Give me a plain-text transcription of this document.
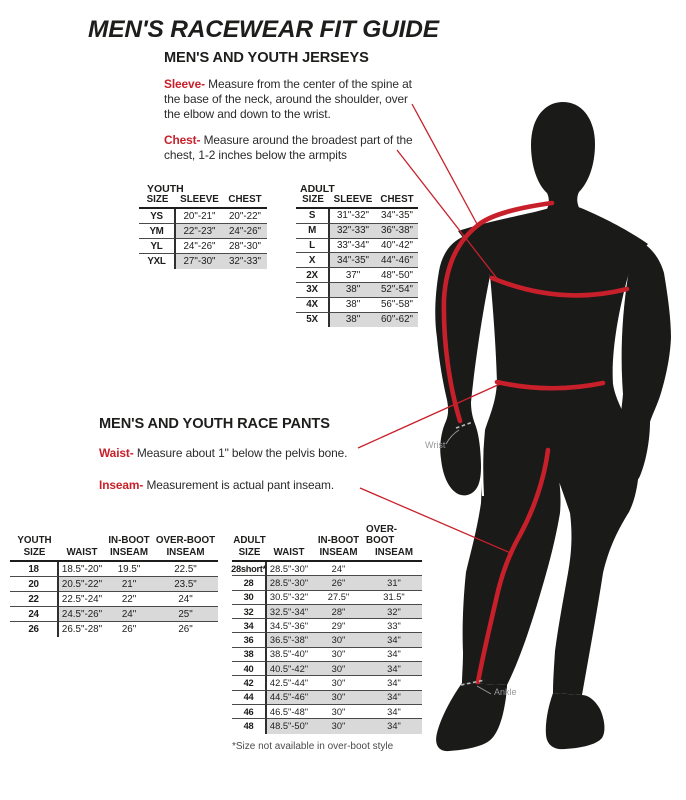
MEN'S RACEWEAR FIT GUIDE
MEN'S AND YOUTH JERSEYS
Sleeve- Measure from the center of the spine at the base of the neck, around the shoulder, over the elbow and down to the wrist.
Chest- Measure around the broadest part of the chest, 1-2 inches below the armpits
YOUTH
SIZE	SLEEVE CHEST
YS	20"-21"	20"-22"
YM	22"-23"	24"-26"
YL	24"-26"	28"-30"
YXL	27"-30"	32"-33"
ADULT
SIZE SLEEVE CHEST
S	31"-32"	34"-35"
M	32"-33"	36"-38"
L	33"-34"	40"-42"
X	34"-35"	44"-46"
2X	37"	48"-50"
3X	38"	52"-54"
4X	38"	56"-58"
5X	38"	60"-62"
MEN'S AND YOUTH RACE PANTS
Waist- Measure about 1" below the pelvis bone.
Inseam- Measurement is actual pant inseam.
YOUTH
SIZE WAIST
IN-BOOT
INSEAM
OVER-BOOT
INSEAM
18	18.5"-20"	19.5"	22.5"
20	20.5"-22"	21"	23.5"
22	22.5"-24"	22"	24"
24	24.5"-26"	24"	25"
26	26.5"-28"	26"	26"
ADULT
SIZE WAIST
IN-BOOT
INSEAM
OVER-BOOT
INSEAM
28short* 28.5"-30"	24"
28	28.5"-30"	26"	31"
30	30.5"-32"	27.5"	31.5"
32	32.5"-34"	28"	32"
34	34.5"-36"	29"	33"
36	36.5"-38"	30"	34"
38	38.5"-40"	30"	34"
40	40.5"-42"	30"	34"
42	42.5"-44"	30"	34"
44	44.5"-46"	30"	34"
46	46.5"-48"	30"	34"
48	48.5"-50"	30"	34"
*Size not available in over-boot style
Wrist
Ankle
